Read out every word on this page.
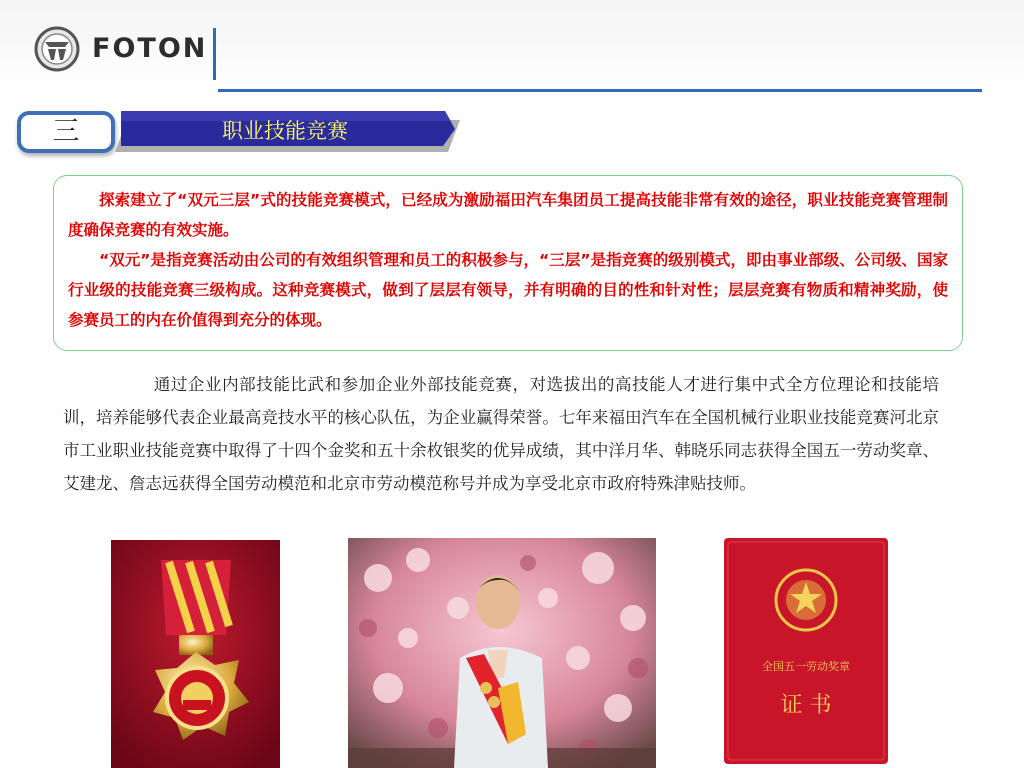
FOTON
三	职业技能竞赛

探索建立了“双元三层”式的技能竞赛模式，已经成为激励福田汽车集团员工提高技能非常有效的途径，职业技能竞赛管理制度确保竞赛的有效实施。

“双元”是指竞赛活动由公司的有效组织管理和员工的积极参与，“三层”是指竞赛的级别模式，即由事业部级、公司级、国家行业级的技能竞赛三级构成。这种竞赛模式，做到了层层有领导，并有明确的目的性和针对性；层层竞赛有物质和精神奖励，使参赛员工的内在价值得到充分的体现。

通过企业内部技能比武和参加企业外部技能竞赛，对选拔出的高技能人才进行集中式全方位理论和技能培训，培养能够代表企业最高竞技水平的核心队伍，为企业赢得荣誉。七年来福田汽车在全国机械行业职业技能竞赛河北京市工业职业技能竞赛中取得了十四个金奖和五十余枚银奖的优异成绩，其中洋月华、韩晓乐同志获得全国五一劳动奖章、艾建龙、詹志远获得全国劳动模范和北京市劳动模范称号并成为享受北京市政府特殊津贴技师。

全国五一劳动奖章
证 书
